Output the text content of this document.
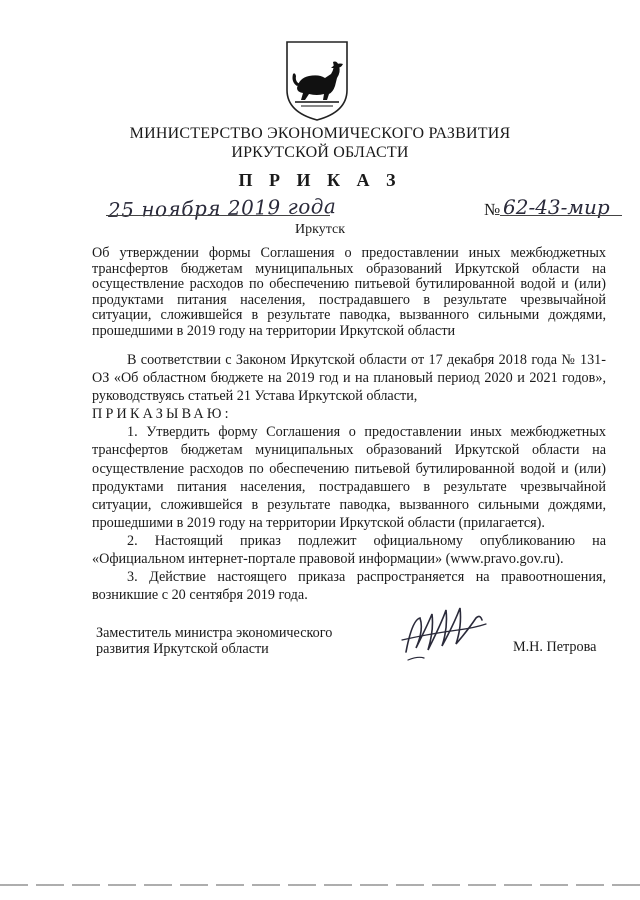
МИНИСТЕРСТВО ЭКОНОМИЧЕСКОГО РАЗВИТИЯ
ИРКУТСКОЙ ОБЛАСТИ
П Р И К А З
25 ноября 2019 года	№ 62-43-мир
Иркутск
Об утверждении формы Соглашения о предоставлении иных межбюджетных трансфертов бюджетам муниципальных образований Иркутской области на осуществление расходов по обеспечению питьевой бутилированной водой и (или) продуктами питания населения, пострадавшего в результате чрезвычайной ситуации, сложившейся в результате паводка, вызванного сильными дождями, прошедшими в 2019 году на территории Иркутской области

В соответствии с Законом Иркутской области от 17 декабря 2018 года № 131-ОЗ «Об областном бюджете на 2019 год и на плановый период 2020 и 2021 годов», руководствуясь статьей 21 Устава Иркутской области,

ПРИКАЗЫВАЮ:

1. Утвердить форму Соглашения о предоставлении иных межбюджетных трансфертов бюджетам муниципальных образований Иркутской области на осуществление расходов по обеспечению питьевой бутилированной водой и (или) продуктами питания населения, пострадавшего в результате чрезвычайной ситуации, сложившейся в результате паводка, вызванного сильными дождями, прошедшими в 2019 году на территории Иркутской области (прилагается).

2. Настоящий приказ подлежит официальному опубликованию на «Официальном интернет-портале правовой информации» (www.pravo.gov.ru).

3. Действие настоящего приказа распространяется на правоотношения, возникшие с 20 сентября 2019 года.

Заместитель министра экономического
развития Иркутской области	М.Н. Петрова
